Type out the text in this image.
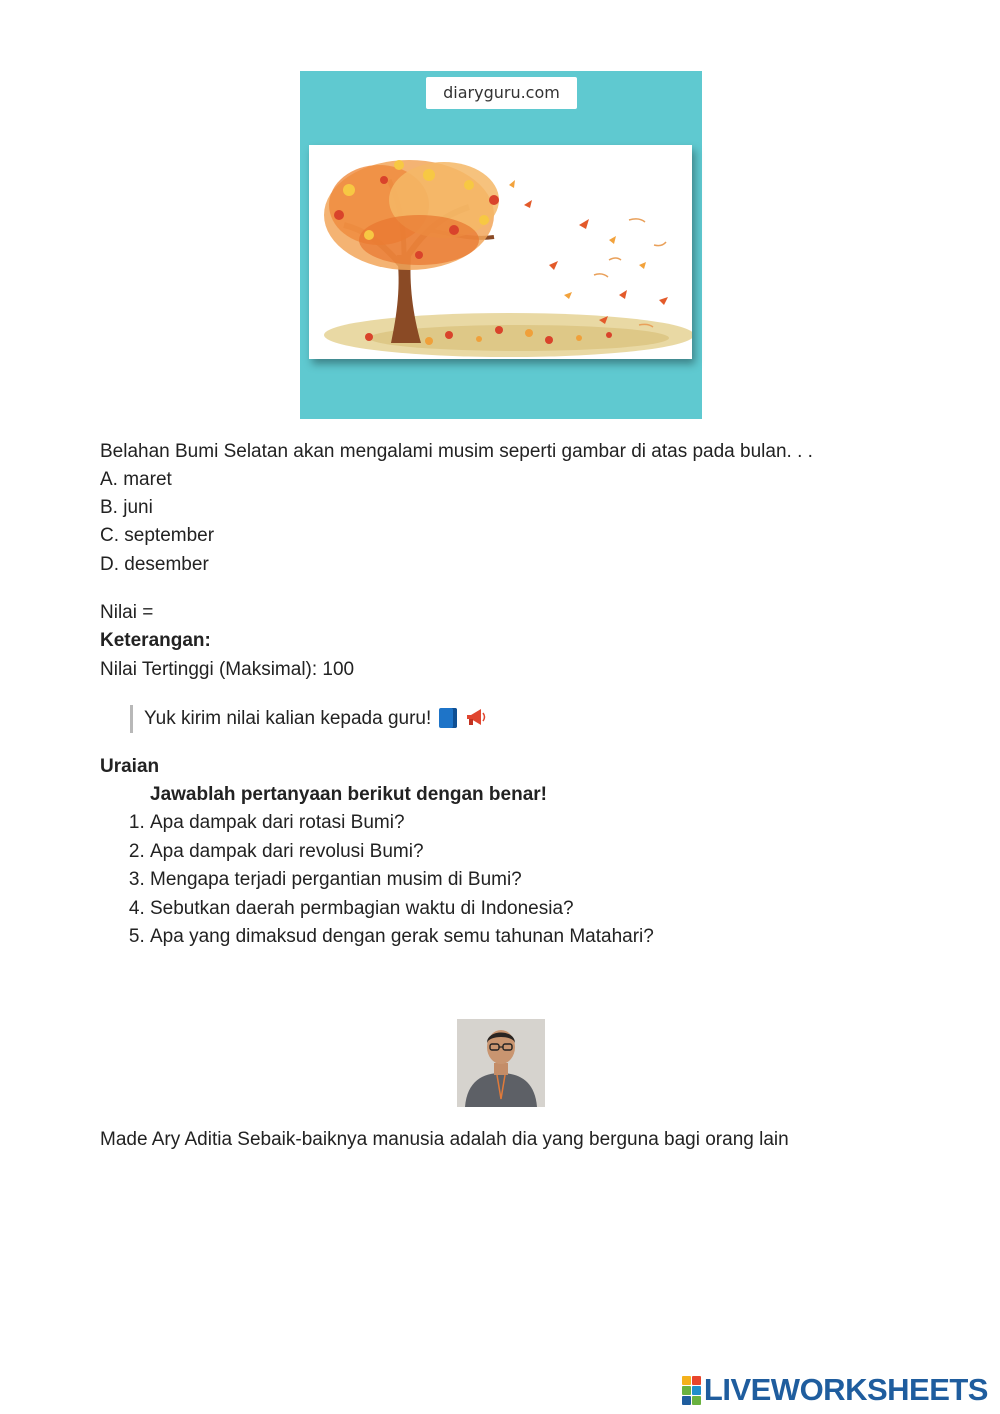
diaryguru.com
Belahan Bumi Selatan akan mengalami musim seperti gambar di atas pada bulan. . .
A. maret
B. juni
C. september
D. desember
Nilai =
Keterangan:
Nilai Tertinggi (Maksimal): 100
Yuk kirim nilai kalian kepada guru!
Uraian
Jawablah pertanyaan berikut dengan benar!
1. Apa dampak dari rotasi Bumi?
2. Apa dampak dari revolusi Bumi?
3. Mengapa terjadi pergantian musim di Bumi?
4. Sebutkan daerah permbagian waktu di Indonesia?
5. Apa yang dimaksud dengan gerak semu tahunan Matahari?
Made Ary Aditia Sebaik-baiknya manusia adalah dia yang berguna bagi orang lain
LIVEWORKSHEETS
